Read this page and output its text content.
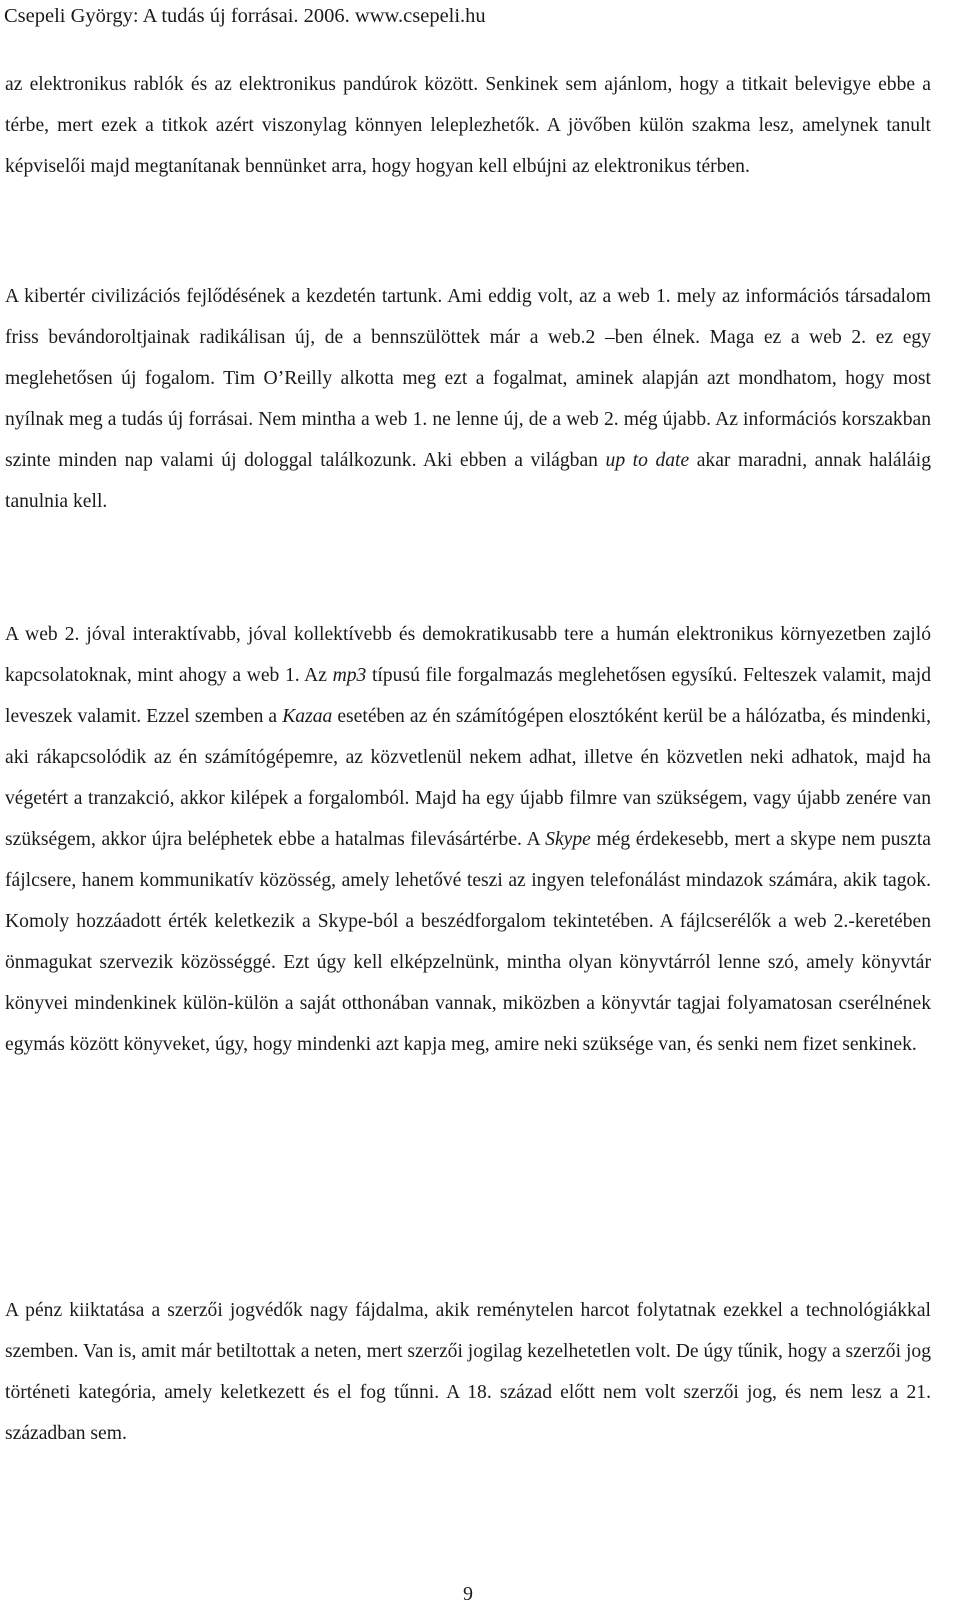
Csepeli György: A tudás új forrásai. 2006. www.csepeli.hu

az elektronikus rablók és az elektronikus pandúrok között. Senkinek sem ajánlom, hogy a titkait belevigye ebbe a térbe, mert ezek a titkok azért viszonylag könnyen leleplezhetők. A jövőben külön szakma lesz, amelynek tanult képviselői majd megtanítanak bennünket arra, hogy hogyan kell elbújni az elektronikus térben.

A kibertér civilizációs fejlődésének a kezdetén tartunk. Ami eddig volt, az a web 1. mely az információs társadalom friss bevándoroltjainak radikálisan új, de a bennszülöttek már a web.2 –ben élnek. Maga ez a web 2. ez egy meglehetősen új fogalom. Tim O’Reilly alkotta meg ezt a fogalmat, aminek alapján azt mondhatom, hogy most nyílnak meg a tudás új forrásai. Nem mintha a web 1. ne lenne új, de a web 2. még újabb. Az információs korszakban szinte minden nap valami új dologgal találkozunk. Aki ebben a világban up to date akar maradni, annak haláláig tanulnia kell.

A web 2. jóval interaktívabb, jóval kollektívebb és demokratikusabb tere a humán elektronikus környezetben zajló kapcsolatoknak, mint ahogy a web 1. Az mp3 típusú file forgalmazás meglehetősen egysíkú. Felteszek valamit, majd leveszek valamit. Ezzel szemben a Kazaa esetében az én számítógépen elosztóként kerül be a hálózatba, és mindenki, aki rákapcsolódik az én számítógépemre, az közvetlenül nekem adhat, illetve én közvetlen neki adhatok, majd ha végetért a tranzakció, akkor kilépek a forgalomból. Majd ha egy újabb filmre van szükségem, vagy újabb zenére van szükségem, akkor újra beléphetek ebbe a hatalmas filevásártérbe. A Skype még érdekesebb, mert a skype nem puszta fájlcsere, hanem kommunikatív közösség, amely lehetővé teszi az ingyen telefonálást mindazok számára, akik tagok. Komoly hozzáadott érték keletkezik a Skype-ból a beszédforgalom tekintetében. A fájlcserélők a web 2.-keretében önmagukat szervezik közösséggé. Ezt úgy kell elképzelnünk, mintha olyan könyvtárról lenne szó, amely könyvtár könyvei mindenkinek külön-külön a saját otthonában vannak, miközben a könyvtár tagjai folyamatosan cserélnének egymás között könyveket, úgy, hogy mindenki azt kapja meg, amire neki szüksége van, és senki nem fizet senkinek.

A pénz kiiktatása a szerzői jogvédők nagy fájdalma, akik reménytelen harcot folytatnak ezekkel a technológiákkal szemben. Van is, amit már betiltottak a neten, mert szerzői jogilag kezelhetetlen volt. De úgy tűnik, hogy a szerzői jog történeti kategória, amely keletkezett és el fog tűnni. A 18. század előtt nem volt szerzői jog, és nem lesz a 21. században sem.

9
